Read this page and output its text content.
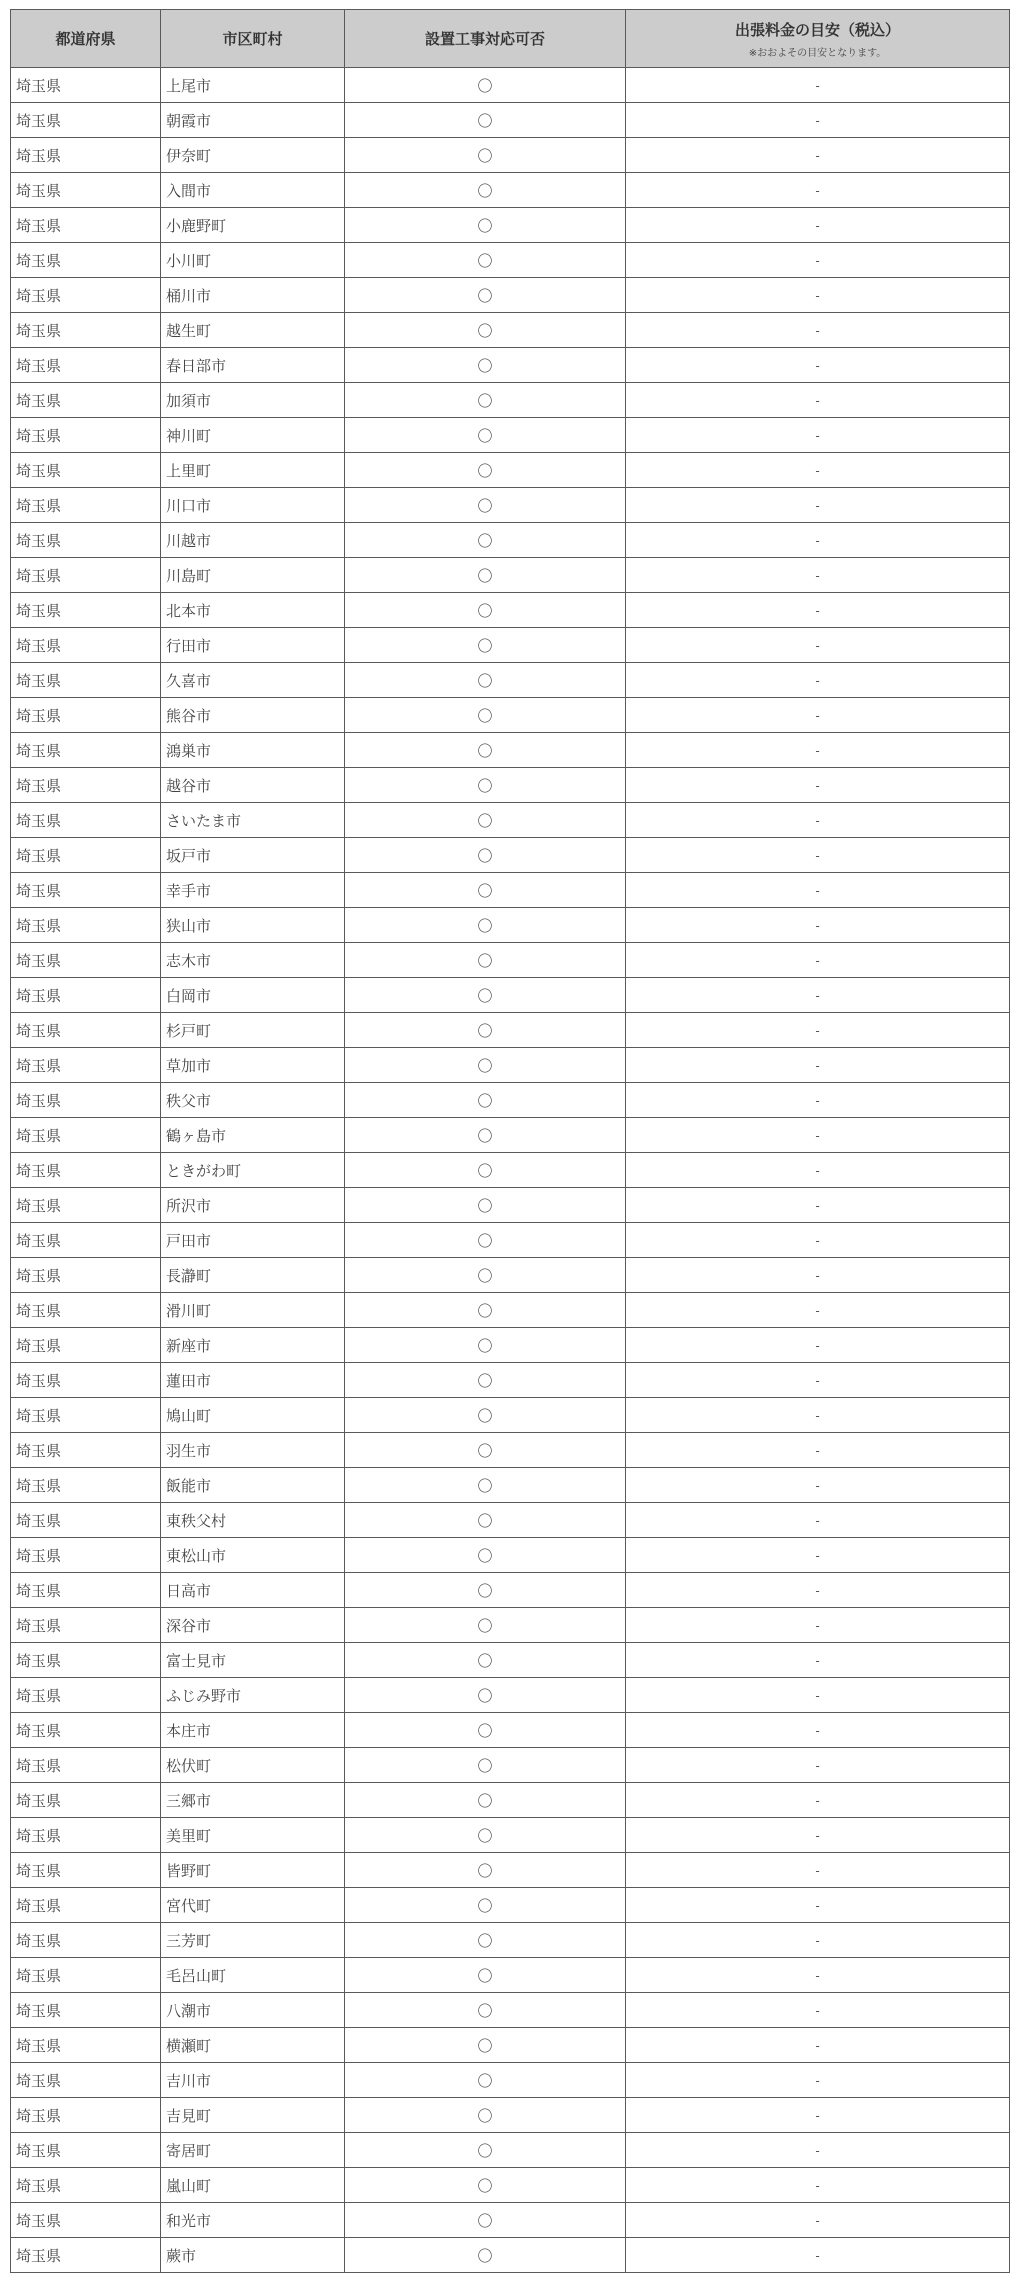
都道府県	市区町村	設置工事対応可否	出張料金の目安（税込）
※おおよその目安となります。

埼玉県	上尾市	〇	-
埼玉県	朝霞市	〇	-
埼玉県	伊奈町	〇	-
埼玉県	入間市	〇	-
埼玉県	小鹿野町	〇	-
埼玉県	小川町	〇	-
埼玉県	桶川市	〇	-
埼玉県	越生町	〇	-
埼玉県	春日部市	〇	-
埼玉県	加須市	〇	-
埼玉県	神川町	〇	-
埼玉県	上里町	〇	-
埼玉県	川口市	〇	-
埼玉県	川越市	〇	-
埼玉県	川島町	〇	-
埼玉県	北本市	〇	-
埼玉県	行田市	〇	-
埼玉県	久喜市	〇	-
埼玉県	熊谷市	〇	-
埼玉県	鴻巣市	〇	-
埼玉県	越谷市	〇	-
埼玉県	さいたま市	〇	-
埼玉県	坂戸市	〇	-
埼玉県	幸手市	〇	-
埼玉県	狭山市	〇	-
埼玉県	志木市	〇	-
埼玉県	白岡市	〇	-
埼玉県	杉戸町	〇	-
埼玉県	草加市	〇	-
埼玉県	秩父市	〇	-
埼玉県	鶴ヶ島市	〇	-
埼玉県	ときがわ町	〇	-
埼玉県	所沢市	〇	-
埼玉県	戸田市	〇	-
埼玉県	長瀞町	〇	-
埼玉県	滑川町	〇	-
埼玉県	新座市	〇	-
埼玉県	蓮田市	〇	-
埼玉県	鳩山町	〇	-
埼玉県	羽生市	〇	-
埼玉県	飯能市	〇	-
埼玉県	東秩父村	〇	-
埼玉県	東松山市	〇	-
埼玉県	日高市	〇	-
埼玉県	深谷市	〇	-
埼玉県	富士見市	〇	-
埼玉県	ふじみ野市	〇	-
埼玉県	本庄市	〇	-
埼玉県	松伏町	〇	-
埼玉県	三郷市	〇	-
埼玉県	美里町	〇	-
埼玉県	皆野町	〇	-
埼玉県	宮代町	〇	-
埼玉県	三芳町	〇	-
埼玉県	毛呂山町	〇	-
埼玉県	八潮市	〇	-
埼玉県	横瀬町	〇	-
埼玉県	吉川市	〇	-
埼玉県	吉見町	〇	-
埼玉県	寄居町	〇	-
埼玉県	嵐山町	〇	-
埼玉県	和光市	〇	-
埼玉県	蕨市	〇	-
